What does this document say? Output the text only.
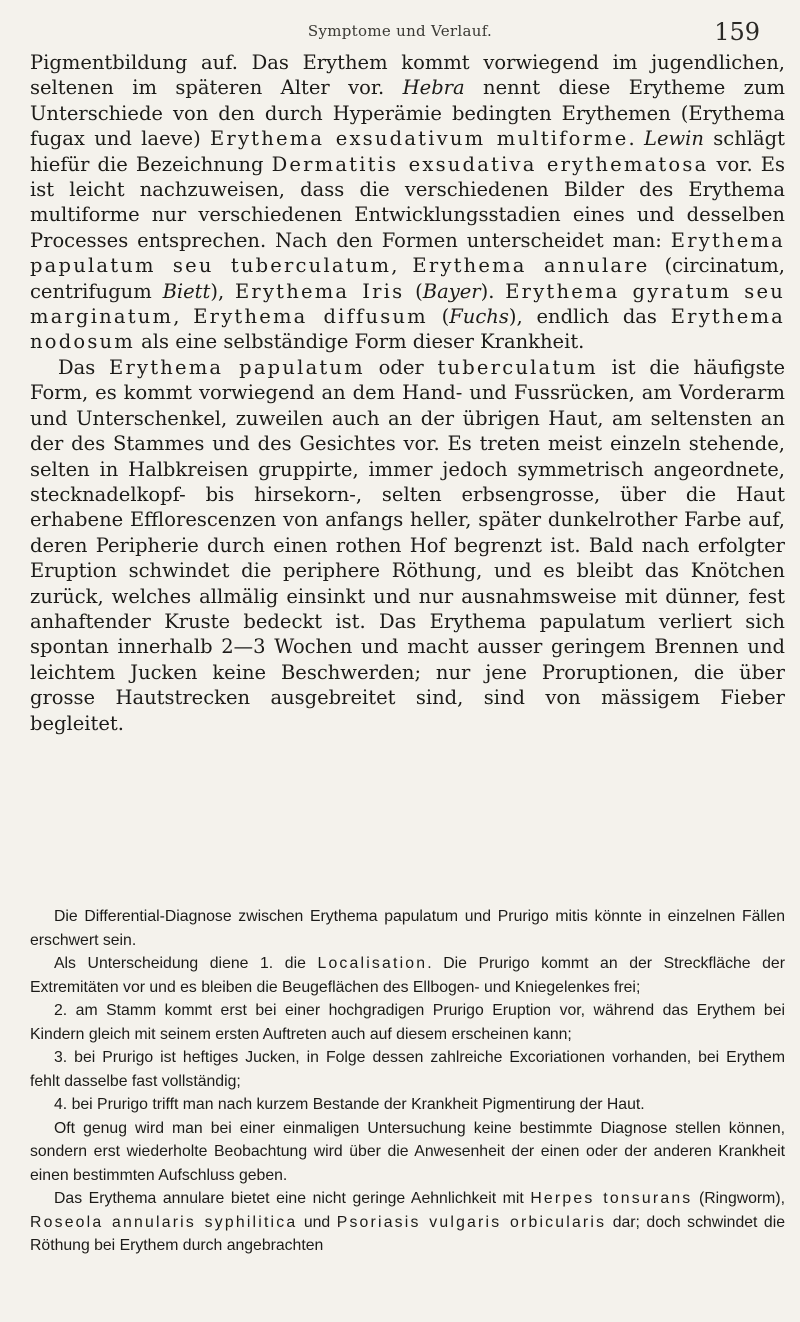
Symptome und Verlauf.	159

Pigmentbildung auf. Das Erythem kommt vorwiegend im jugendlichen, seltenen im späteren Alter vor. Hebra nennt diese Erytheme zum Unterschiede von den durch Hyperämie bedingten Erythemen (Erythema fugax und laeve) Erythema exsudativum multiforme. Lewin schlägt hiefür die Bezeichnung Dermatitis exsudativa erythematosa vor. Es ist leicht nachzuweisen, dass die verschiedenen Bilder des Erythema multiforme nur verschiedenen Entwicklungsstadien eines und desselben Processes entsprechen. Nach den Formen unterscheidet man: Erythema papulatum seu tuberculatum, Erythema annulare (circinatum, centrifugum Biett), Erythema Iris (Bayer). Erythema gyratum seu marginatum, Erythema diffusum (Fuchs), endlich das Erythema nodosum als eine selbständige Form dieser Krankheit.

Das Erythema papulatum oder tuberculatum ist die häufigste Form, es kommt vorwiegend an dem Hand- und Fussrücken, am Vorderarm und Unterschenkel, zuweilen auch an der übrigen Haut, am seltensten an der des Stammes und des Gesichtes vor. Es treten meist einzeln stehende, selten in Halbkreisen gruppirte, immer jedoch symmetrisch angeordnete, stecknadelkopf- bis hirsekorn-, selten erbsengrosse, über die Haut erhabene Efflorescenzen von anfangs heller, später dunkelrother Farbe auf, deren Peripherie durch einen rothen Hof begrenzt ist. Bald nach erfolgter Eruption schwindet die peripherе Röthung, und es bleibt das Knötchen zurück, welches allmälig einsinkt und nur ausnahmsweise mit dünner, fest anhaftender Kruste bedeckt ist. Das Erythema papulatum verliert sich spontan innerhalb 2—3 Wochen und macht ausser geringem Brennen und leichtem Jucken keine Beschwerden; nur jene Proruptionen, die über grosse Hautstrecken ausgebreitet sind, sind von mässigem Fieber begleitet.

Die Differential-Diagnose zwischen Erythema papulatum und Prurigo mitis könnte in einzelnen Fällen erschwert sein.

Als Unterscheidung diene 1. die Localisation. Die Prurigo kommt an der Streckfläche der Extremitäten vor und es bleiben die Beugeflächen des Ellbogen- und Kniegelenkes frei;

2. am Stamm kommt erst bei einer hochgradigen Prurigo Eruption vor, während das Erythem bei Kindern gleich mit seinem ersten Auftreten auch auf diesem erscheinen kann;

3. bei Prurigo ist heftiges Jucken, in Folge dessen zahlreiche Excoriationen vorhanden, bei Erythem fehlt dasselbe fast vollständig;

4. bei Prurigo trifft man nach kurzem Bestande der Krankheit Pigmentirung der Haut.

Oft genug wird man bei einer einmaligen Untersuchung keine bestimmte Diagnose stellen können, sondern erst wiederholte Beobachtung wird über die Anwesenheit der einen oder der anderen Krankheit einen bestimmten Aufschluss geben.

Das Erythema annulare bietet eine nicht geringe Aehnlichkeit mit Herpes tonsurans (Ringworm), Roseola annularis syphilitica und Psoriasis vulgaris orbicularis dar; doch schwindet die Röthung bei Erythem durch angebrachten
